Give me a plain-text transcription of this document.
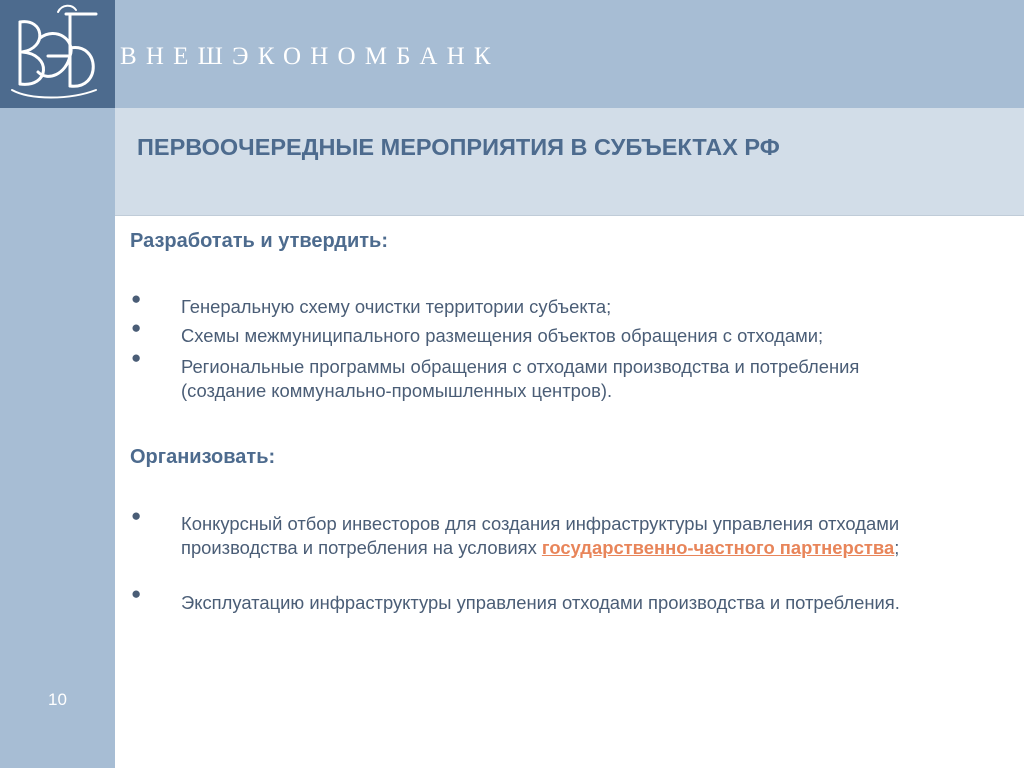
ВНЕШЭКОНОМБАНК
ПЕРВООЧЕРЕДНЫЕ МЕРОПРИЯТИЯ В СУБЪЕКТАХ РФ
Разработать и утвердить:
● Генеральную схему очистки территории субъекта;
● Схемы межмуниципального размещения объектов обращения с отходами;
● Региональные программы обращения с отходами производства и потребления (создание коммунально-промышленных центров).
Организовать:
● Конкурсный отбор инвесторов для создания инфраструктуры управления отходами производства и потребления на условиях государственно-частного партнерства;
● Эксплуатацию инфраструктуры управления отходами производства и потребления.
10
